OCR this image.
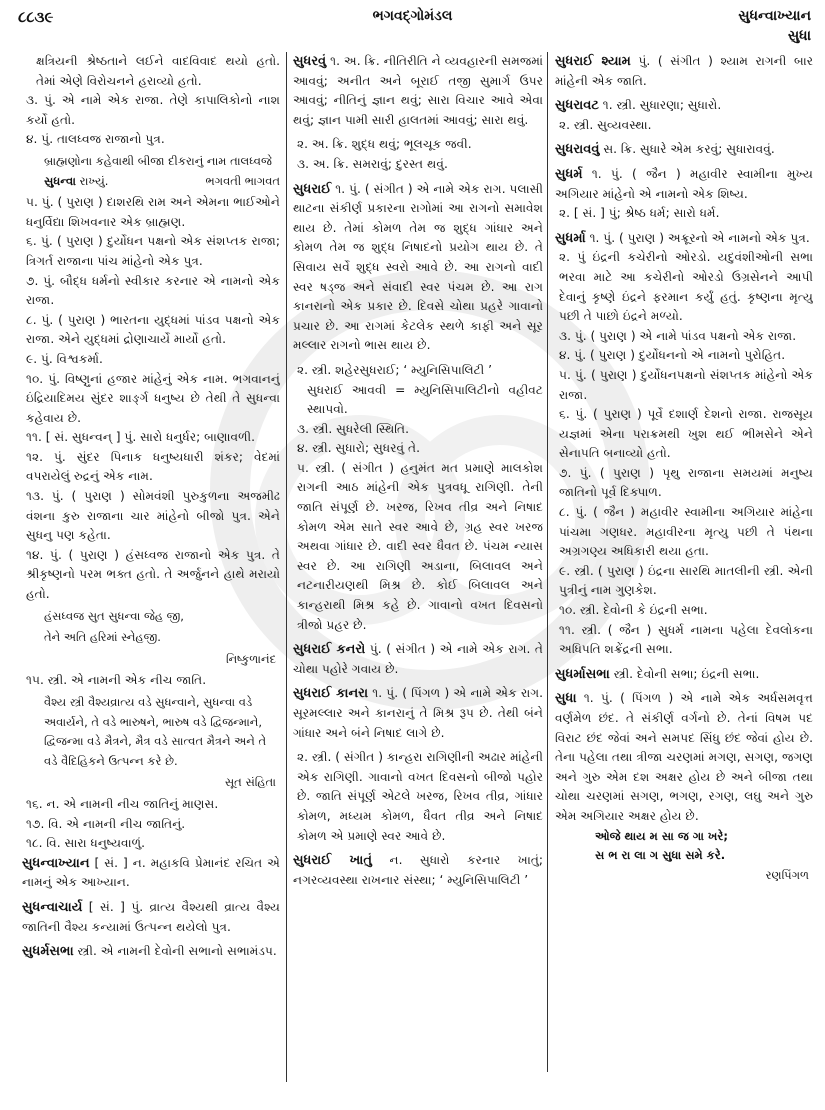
૮૮૩૯	ભગવદ્ગોમંડલ	સુધન્વાખ્યાન
સુધા

ક્ષત્રિયની શ્રેષ્ઠતાને લઈને વાદવિવાદ થયો હતો. તેમાં એણે વિરોચનને હરાવ્યો હતો.

૩. પું. એ નામે એક રાજા. તેણે કાપાલિકોનો નાશ કર્યો હતો.

૪. પું. તાલધ્વજ રાજાનો પુત્ર.

બ્રાહ્મણોના કહેવાથી બીજા દીકરાનું નામ તાલધ્વજે સુધન્વા રાખ્યું.	ભગવતી ભાગવત

૫. પું. ( પુરાણ ) દાશરથિ રામ અને એમના ભાઈઓને ધનુર્વિદ્યા શિખવનાર એક બ્રાહ્મણ.

૬. પું. ( પુરાણ ) દુર્યોધન પક્ષનો એક સંશપ્તક રાજા; ત્રિગર્ત રાજાના પાંચ માંહેનો એક પુત્ર.

૭. પું. બૌદ્ધ ધર્મનો સ્વીકાર કરનાર એ નામનો એક રાજા.

૮. પું. ( પુરાણ ) ભારતના યુદ્ધમાં પાંડવ પક્ષનો એક રાજા. એને યુદ્ધમાં દ્રોણાચાર્યે માર્યો હતો.

૯. પું. વિશ્વકર્મા.

૧૦. પું. વિષ્ણુનાં હજાર માંહેનું એક નામ. ભગવાનનું ઇંદ્રિયાદિમય સુંદર શાર્ઙ્ગ ધનુષ્ય છે તેથી તે સુધન્વા કહેવાય છે.

૧૧. [ સં. સુધન્વન્ ] પું. સારો ધનુર્ધર; બાણાવળી.

૧૨. પું. સુંદર પિનાક ધનુષ્યધારી શંકર; વેદમાં વપરાયેલું રુદ્રનું એક નામ.

૧૩. પું. ( પુરાણ ) સોમવંશી પુરુકુળના અજમીઢ વંશના કુરુ રાજાના ચાર માંહેનો બીજો પુત્ર. એને સુધનુ પણ કહેતા.

૧૪. પું. ( પુરાણ ) હંસધ્વજ રાજાનો એક પુત્ર. તે શ્રીકૃષ્ણનો પરમ ભક્ત હતો. તે અર્જુનને હાથે મરાયો હતો.

હંસધ્વજ સુત સુધન્વા જેહ જી,
તેને અતિ હરિમાં સ્નેહજી.
નિષ્કુળાનંદ

૧૫. સ્ત્રી. એ નામની એક નીચ જાતિ.

વૈશ્ય સ્ત્રી વૈશ્યવ્રાત્ય વડે સુધન્વાને, સુધન્વા વડે અવાર્યને, તે વડે ભારુષને, ભારુષ વડે દ્વિજન્માને, દ્વિજન્મા વડે મૈત્રને, મૈત્ર વડે સાત્વત મૈત્રને અને તે વડે વૈદિહિકને ઉત્પન્ન કરે છે.
સૂત સંહિતા

૧૬. ન. એ નામની નીચ જાતિનું માણસ.

૧૭. વિ. એ નામની નીચ જાતિનું.

૧૮. વિ. સારા ધનુષ્યવાળું.

સુધન્વાખ્યાન [ સં. ] ન. મહાકવિ પ્રેમાનંદ રચિત એ નામનું એક આખ્યાન.

સુધન્વાચાર્ય [ સં. ] પું. વ્રાત્ય વૈશ્યથી વ્રાત્ય વૈશ્ય જાતિની વૈશ્ય કન્યામાં ઉત્પન્ન થયેલો પુત્ર.

સુધર્મસભા સ્ત્રી. એ નામની દેવોની સભાનો સભામંડપ.

સુધરવું ૧. અ. ક્રિ. નીતિરીતિ ને વ્યવહારની સમજમાં આવવું; અનીત અને બૂરાઈ તજી સુમાર્ગ ઉપર આવવું; નીતિનું જ્ઞાન થવું; સારા વિચાર આવે એવા થવું; જ્ઞાન પામી સારી હાલતમાં આવવું; સારા થવું.

૨. અ. ક્રિ. શુદ્ધ થવું; ભૂલચૂક જવી.

૩. અ. ક્રિ. સમરાવું; દુરસ્ત થવું.

સુધરાઈ ૧. પું. ( સંગીત ) એ નામે એક રાગ. પલાસી થાટના સંકીર્ણ પ્રકારના રાગોમાં આ રાગનો સમાવેશ થાય છે. તેમાં કોમળ તેમ જ શુદ્ધ ગાંધાર અને કોમળ તેમ જ શુદ્ધ નિષાદનો પ્રયોગ થાય છે. તે સિવાય સર્વે શુદ્ધ સ્વરો આવે છે. આ રાગનો વાદી સ્વર ષડ્જ અને સંવાદી સ્વર પંચમ છે. આ રાગ કાનરાનો એક પ્રકાર છે. દિવસે ચોથા પ્રહરે ગાવાનો પ્રચાર છે. આ રાગમાં કેટલેક સ્થળે કાફી અને સૂર મલ્લાર રાગનો ભાસ થાય છે.

૨. સ્ત્રી. શહેરસુધરાઈ; ‘ મ્યુનિસિપાલિટી ’

સુધરાઈ આવવી = મ્યુનિસિપાલિટીનો વહીવટ સ્થાપવો.

૩. સ્ત્રી. સુધરેલી સ્થિતિ.

૪. સ્ત્રી. સુધારો; સુધરવું તે.

૫. સ્ત્રી. ( સંગીત ) હનુમંત મત પ્રમાણે માલકોશ રાગની આઠ માંહેની એક પુત્રવધૂ રાગિણી. તેની જાતિ સંપૂર્ણ છે. ખરજ, રિખવ તીવ્ર અને નિષાદ કોમળ એમ સાતે સ્વર આવે છે, ગ્રહ સ્વર ખરજ અથવા ગાંધાર છે. વાદી સ્વર ધૈવત છે. પંચમ ન્યાસ સ્વર છે. આ રાગિણી અડાના, બિલાવલ અને નટનારીયણથી મિશ્ર છે. કોઈ બિલાવલ અને કાન્હરાથી મિશ્ર કહે છે. ગાવાનો વખત દિવસનો ત્રીજો પ્રહર છે.

સુધરાઈ કનરો પું. ( સંગીત ) એ નામે એક રાગ. તે ચોથા પહોરે ગવાય છે.

સુધરાઈ કાનરા ૧. પું. ( પિંગળ ) એ નામે એક રાગ. સૂરમલ્લાર અને કાનરાનું તે મિશ્ર રૂપ છે. તેથી બંને ગાંધાર અને બંને નિષાદ લાગે છે.

૨. સ્ત્રી. ( સંગીત ) કાન્હરા રાગિણીની અઢાર માંહેની એક રાગિણી. ગાવાનો વખત દિવસનો બીજો પહોર છે. જાતિ સંપૂર્ણ એટલે ખરજ, રિખવ તીવ્ર, ગાંધાર કોમળ, મધ્યમ કોમળ, ધૈવત તીવ્ર અને નિષાદ કોમળ એ પ્રમાણે સ્વર આવે છે.

સુધરાઈ ખાતું ન. સુધારો કરનાર ખાતું; નગરવ્યવસ્થા રાખનાર સંસ્થા; ‘ મ્યુનિસિપાલિટી ’

સુધરાઈ શ્યામ પું. ( સંગીત ) શ્યામ રાગની બાર માંહેની એક જાતિ.

સુધરાવટ ૧. સ્ત્રી. સુધારણા; સુધારો.

૨. સ્ત્રી. સુવ્યવસ્થા.

સુધરાવવું સ. ક્રિ. સુધારે એમ કરવું; સુધારાવવું.

સુધર્મ ૧. પું. ( જૈન ) મહાવીર સ્વામીના મુખ્ય અગિયાર માંહેનો એ નામનો એક શિષ્ય.

૨. [ સં. ] પું; શ્રેષ્ઠ ધર્મ; સારો ધર્મ.

સુધર્મા ૧. પું. ( પુરાણ ) અક્રૂરનો એ નામનો એક પુત્ર.

૨. પું ઇંદ્રની કચેરીનો ઓરડો. યદુવંશીઓની સભા ભરવા માટે આ કચેરીનો ઓરડો ઉગ્રસેનને આપી દેવાનું કૃષ્ણે ઇંદ્રને ફરમાન કર્યું હતું. કૃષ્ણના મૃત્યુ પછી તે પાછો ઇંદ્રને મળ્યો.

૩. પું. ( પુરાણ ) એ નામે પાંડવ પક્ષનો એક રાજા.

૪. પું. ( પુરાણ ) દુર્યોધનનો એ નામનો પુરોહિત.

૫. પું. ( પુરાણ ) દુર્યોધનપક્ષનો સંશપ્તક માંહેનો એક રાજા.

૬. પું. ( પુરાણ ) પૂર્વે દશાર્ણ દેશનો રાજા. રાજસૂય યજ્ઞમાં એના પરાક્રમથી ખુશ થઈ ભીમસેને એને સેનાપતિ બનાવ્યો હતો.

૭. પું. ( પુરાણ ) પૃથુ રાજાના સમયમાં મનુષ્ય જાતિનો પૂર્વ દિક્પાળ.

૮. પું. ( જૈન ) મહાવીર સ્વામીના અગિયાર માંહેના પાંચમા ગણધર. મહાવીરના મૃત્યુ પછી તે પંથના અગ્રગણ્ય અધિકારી થયા હતા.

૯. સ્ત્રી. ( પુરાણ ) ઇંદ્રના સારથિ માતલીની સ્ત્રી. એની પુત્રીનું નામ ગુણકેશ.

૧૦. સ્ત્રી. દેવોની કે ઇંદ્રની સભા.

૧૧. સ્ત્રી. ( જૈન ) સુધર્મ નામના પહેલા દેવલોકના અધિપતિ શક્રેંદ્રની સભા.

સુધર્માસભા સ્ત્રી. દેવોની સભા; ઇંદ્રની સભા.

સુધા ૧. પું. ( પિંગળ ) એ નામે એક અર્ધસમવૃત્ત વર્ણમેળ છંદ. તે સંકીર્ણ વર્ગનો છે. તેનાં વિષમ પદ વિરાટ છંદ જેવાં અને સમપદ સિંધુ છંદ જેવાં હોય છે. તેના પહેલા તથા ત્રીજા ચરણમાં મગણ, સગણ, જગણ અને ગુરુ એમ દશ અક્ષર હોય છે અને બીજા તથા ચોથા ચરણમાં સગણ, ભગણ, રગણ, લઘુ અને ગુરુ એમ અગિયાર અક્ષર હોય છે.

ઓજે થાય મ સા જ ગા ખરે;
સ ભ રા લા ગ સુધા સમે કરે.
રણપિંગળ
